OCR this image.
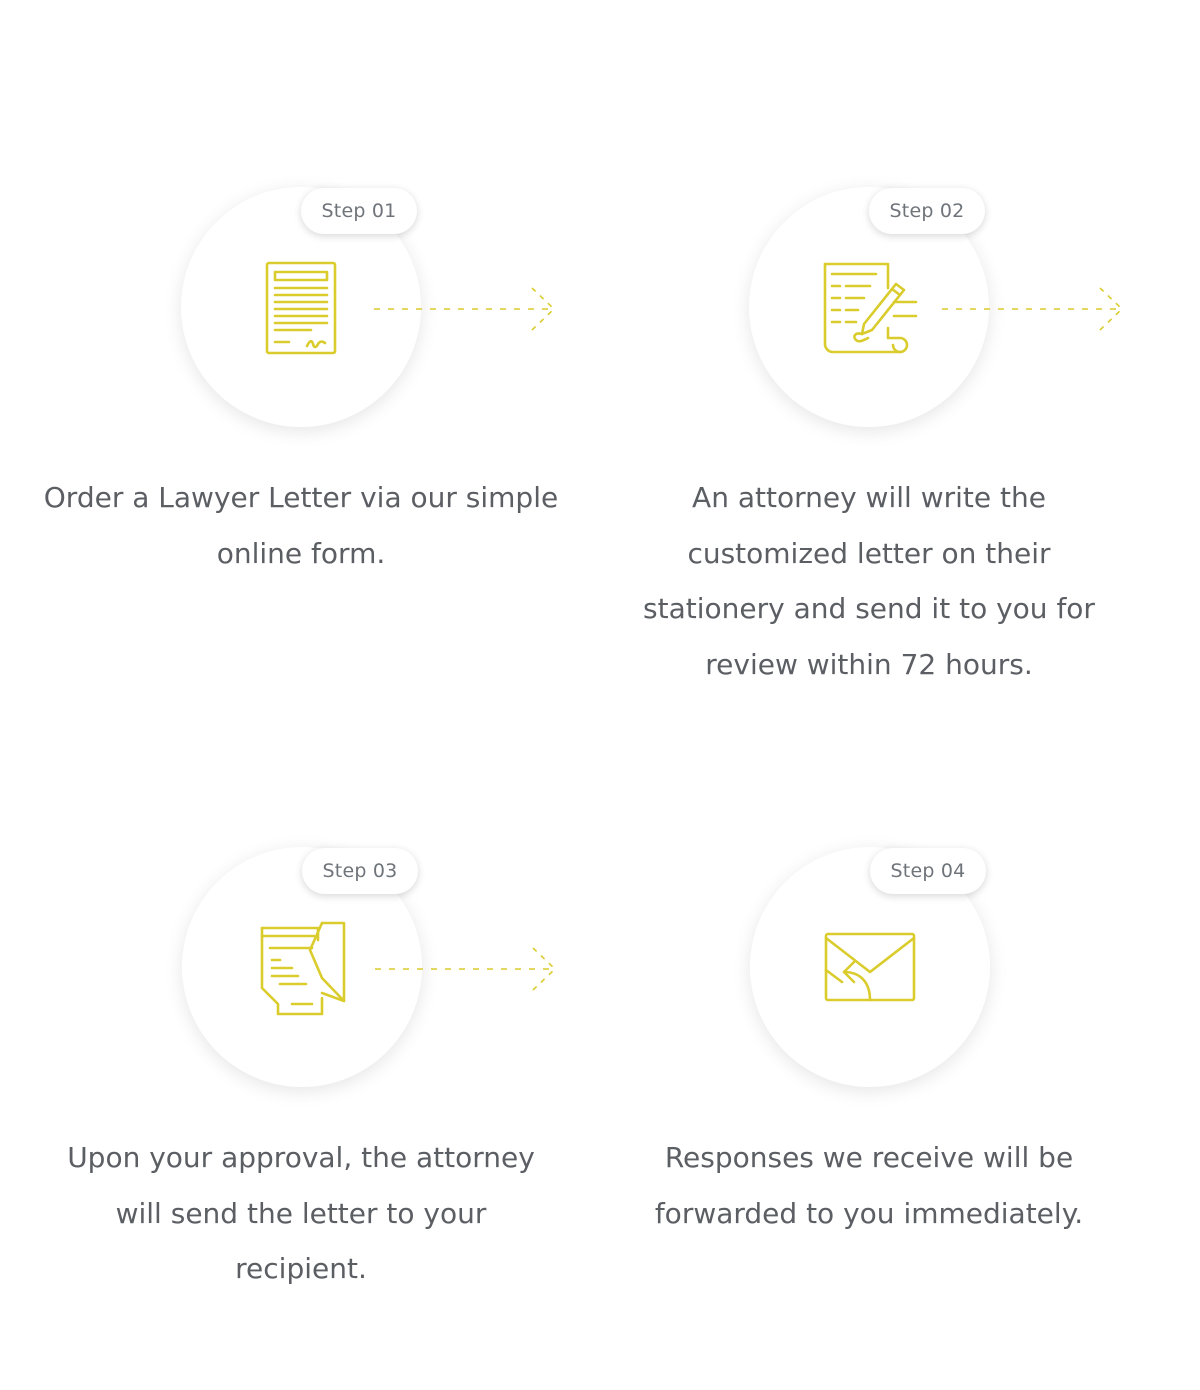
Step 01

Order a Lawyer Letter via our simple online form.

Step 02

An attorney will write the customized letter on their stationery and send it to you for review within 72 hours.

Step 03

Upon your approval, the attorney will send the letter to your recipient.

Step 04

Responses we receive will be forwarded to you immediately.
